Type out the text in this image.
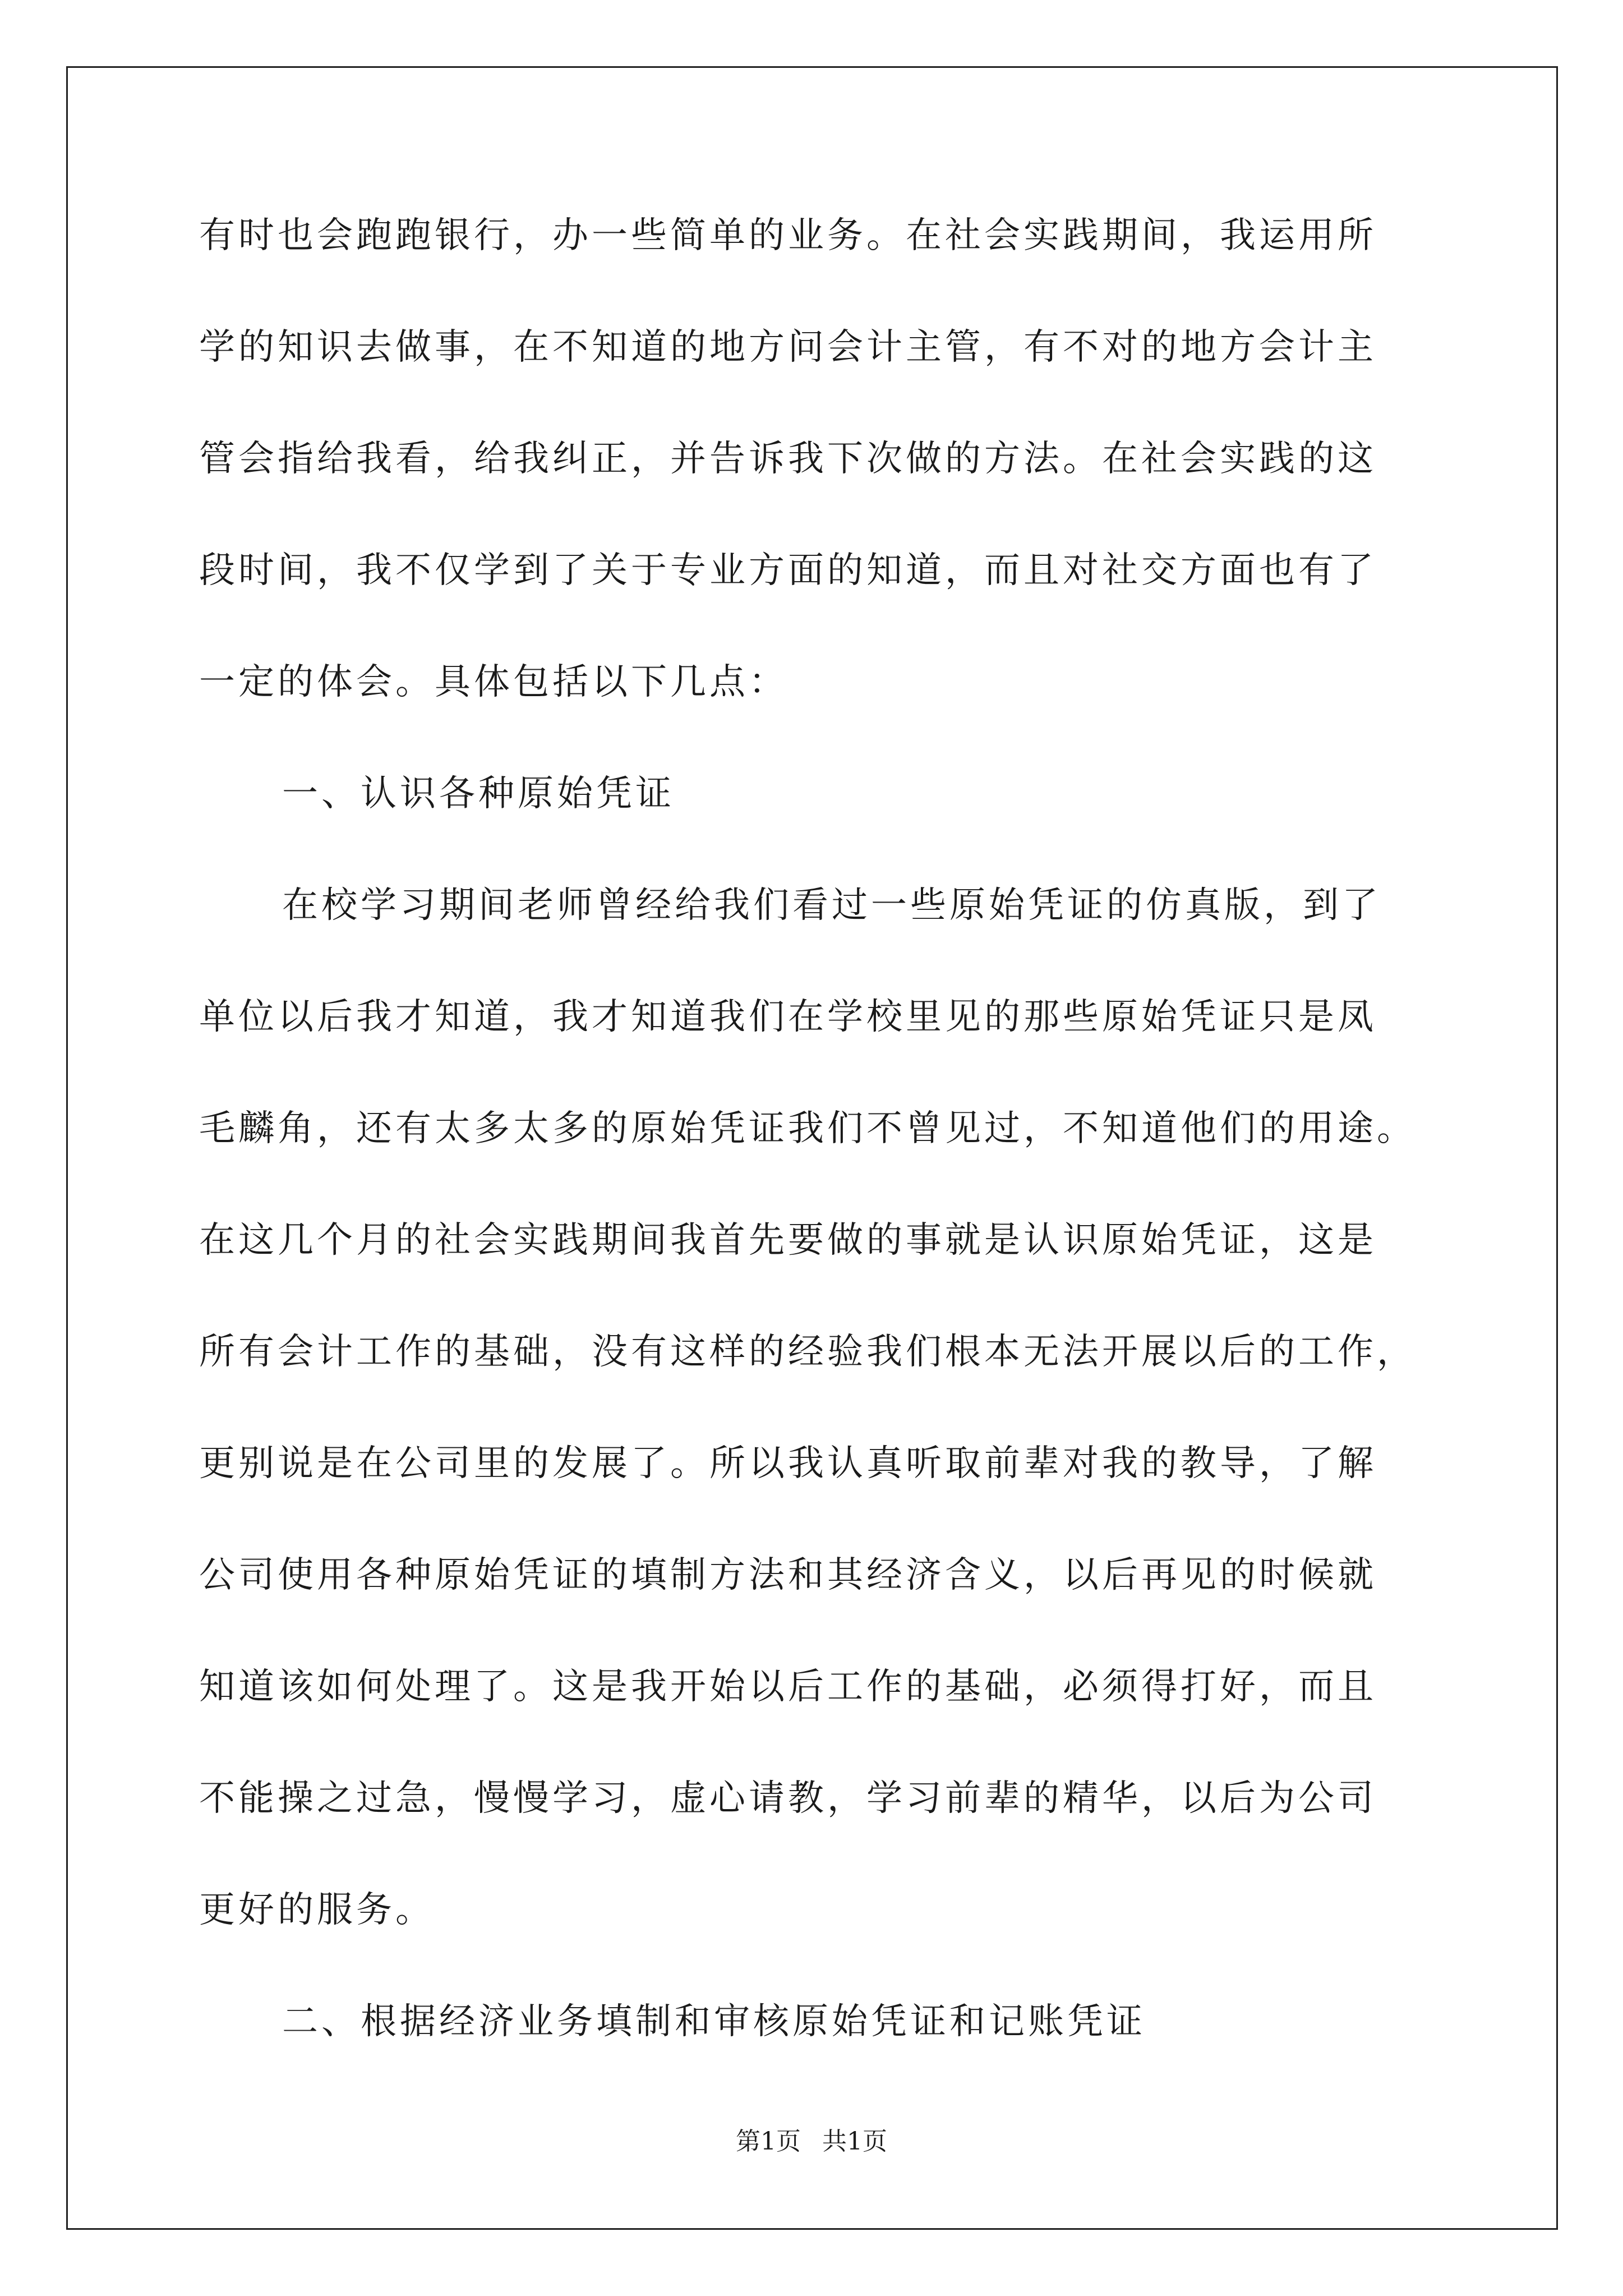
有时也会跑跑银行，办一些简单的业务。在社会实践期间，我运用所
学的知识去做事，在不知道的地方问会计主管，有不对的地方会计主
管会指给我看，给我纠正，并告诉我下次做的方法。在社会实践的这
段时间，我不仅学到了关于专业方面的知道，而且对社交方面也有了
一定的体会。具体包括以下几点：
一、认识各种原始凭证
在校学习期间老师曾经给我们看过一些原始凭证的仿真版，到了
单位以后我才知道，我才知道我们在学校里见的那些原始凭证只是凤
毛麟角，还有太多太多的原始凭证我们不曾见过，不知道他们的用途。
在这几个月的社会实践期间我首先要做的事就是认识原始凭证，这是
所有会计工作的基础，没有这样的经验我们根本无法开展以后的工作，
更别说是在公司里的发展了。所以我认真听取前辈对我的教导，了解
公司使用各种原始凭证的填制方法和其经济含义，以后再见的时候就
知道该如何处理了。这是我开始以后工作的基础，必须得打好，而且
不能操之过急，慢慢学习，虚心请教，学习前辈的精华，以后为公司
更好的服务。
二、根据经济业务填制和审核原始凭证和记账凭证
第1页 共1页
